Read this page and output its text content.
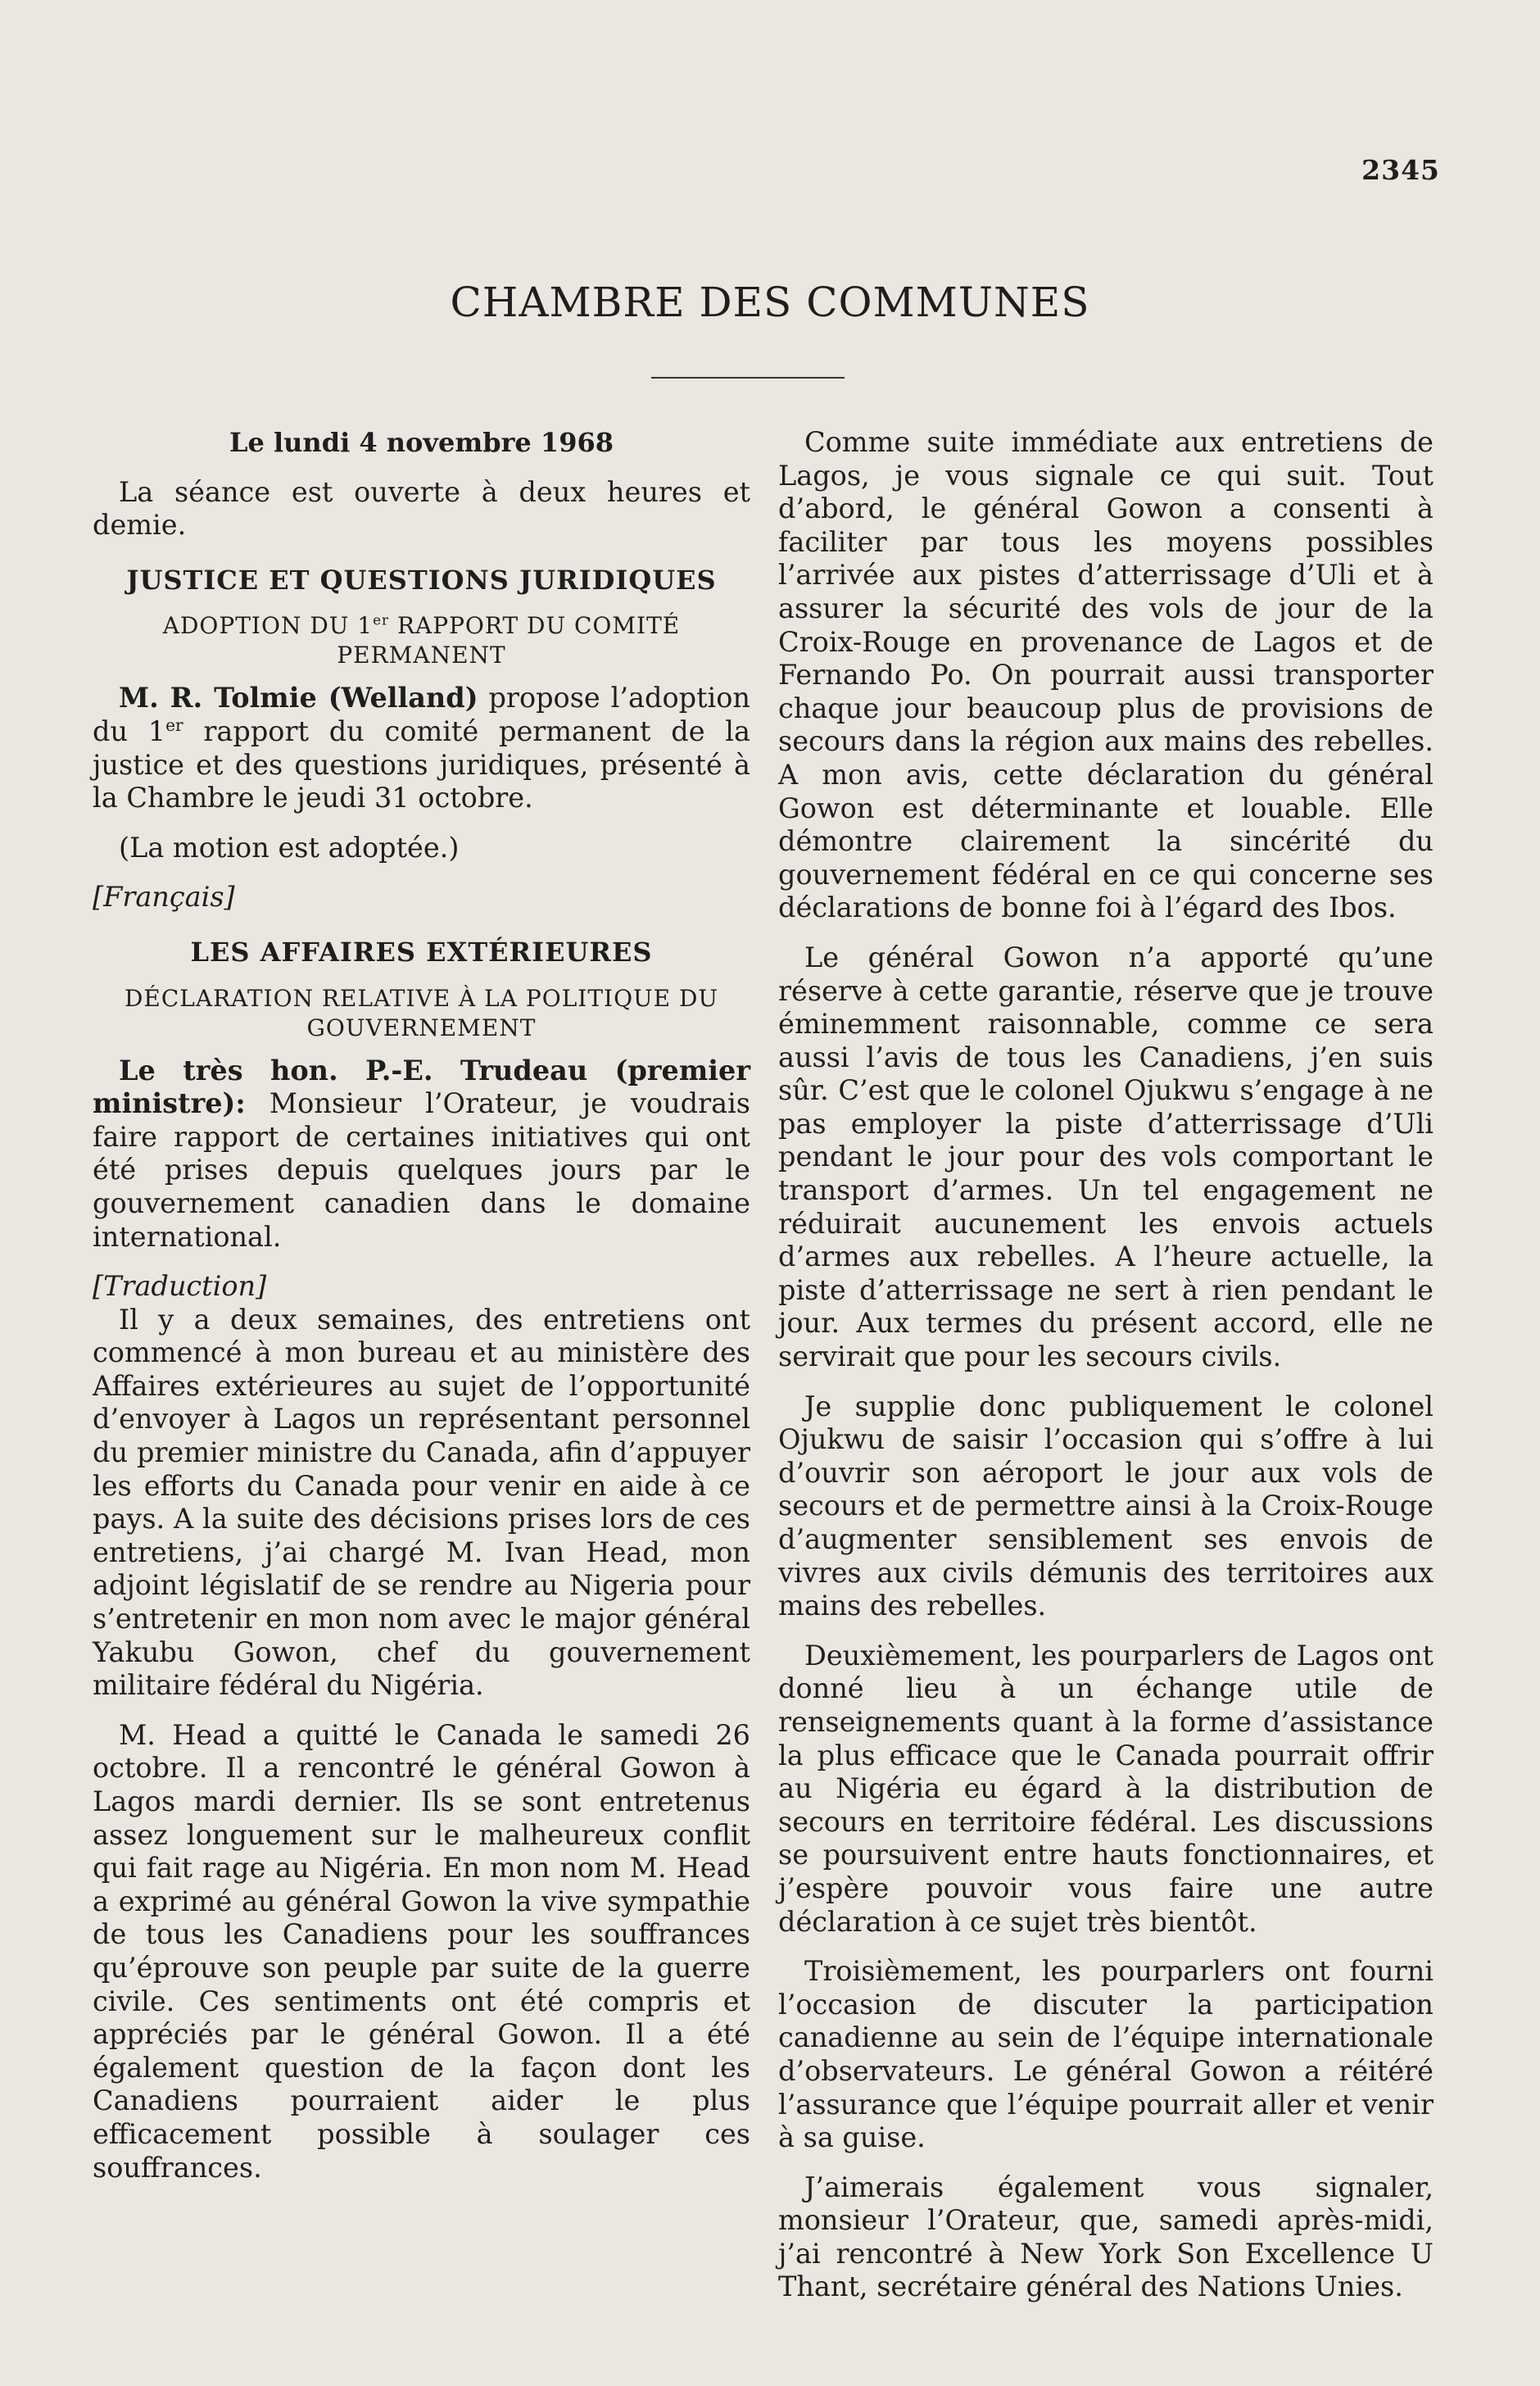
2345
CHAMBRE DES COMMUNES
Le lundi 4 novembre 1968

La séance est ouverte à deux heures et demie.

JUSTICE ET QUESTIONS JURIDIQUES
ADOPTION DU 1er RAPPORT DU COMITÉ PERMANENT

M. R. Tolmie (Welland) propose l’adoption du 1er rapport du comité permanent de la justice et des questions juridiques, présenté à la Chambre le jeudi 31 octobre.

(La motion est adoptée.)

[Français]

LES AFFAIRES EXTÉRIEURES
DÉCLARATION RELATIVE À LA POLITIQUE DU GOUVERNEMENT

Le très hon. P.-E. Trudeau (premier ministre): Monsieur l’Orateur, je voudrais faire rapport de certaines initiatives qui ont été prises depuis quelques jours par le gouvernement canadien dans le domaine international.

[Traduction]

Il y a deux semaines, des entretiens ont commencé à mon bureau et au ministère des Affaires extérieures au sujet de l’opportunité d’envoyer à Lagos un représentant personnel du premier ministre du Canada, afin d’appuyer les efforts du Canada pour venir en aide à ce pays. A la suite des décisions prises lors de ces entretiens, j’ai chargé M. Ivan Head, mon adjoint législatif de se rendre au Nigeria pour s’entretenir en mon nom avec le major général Yakubu Gowon, chef du gouvernement militaire fédéral du Nigéria.

M. Head a quitté le Canada le samedi 26 octobre. Il a rencontré le général Gowon à Lagos mardi dernier. Ils se sont entretenus assez longuement sur le malheureux conflit qui fait rage au Nigéria. En mon nom M. Head a exprimé au général Gowon la vive sympathie de tous les Canadiens pour les souffrances qu’éprouve son peuple par suite de la guerre civile. Ces sentiments ont été compris et appréciés par le général Gowon. Il a été également question de la façon dont les Canadiens pourraient aider le plus efficacement possible à soulager ces souffrances.

Comme suite immédiate aux entretiens de Lagos, je vous signale ce qui suit. Tout d’abord, le général Gowon a consenti à faciliter par tous les moyens possibles l’arrivée aux pistes d’atterrissage d’Uli et à assurer la sécurité des vols de jour de la Croix-Rouge en provenance de Lagos et de Fernando Po. On pourrait aussi transporter chaque jour beaucoup plus de provisions de secours dans la région aux mains des rebelles. A mon avis, cette déclaration du général Gowon est déterminante et louable. Elle démontre clairement la sincérité du gouvernement fédéral en ce qui concerne ses déclarations de bonne foi à l’égard des Ibos.

Le général Gowon n’a apporté qu’une réserve à cette garantie, réserve que je trouve éminemment raisonnable, comme ce sera aussi l’avis de tous les Canadiens, j’en suis sûr. C’est que le colonel Ojukwu s’engage à ne pas employer la piste d’atterrissage d’Uli pendant le jour pour des vols comportant le transport d’armes. Un tel engagement ne réduirait aucunement les envois actuels d’armes aux rebelles. A l’heure actuelle, la piste d’atterrissage ne sert à rien pendant le jour. Aux termes du présent accord, elle ne servirait que pour les secours civils.

Je supplie donc publiquement le colonel Ojukwu de saisir l’occasion qui s’offre à lui d’ouvrir son aéroport le jour aux vols de secours et de permettre ainsi à la Croix-Rouge d’augmenter sensiblement ses envois de vivres aux civils démunis des territoires aux mains des rebelles.

Deuxièmement, les pourparlers de Lagos ont donné lieu à un échange utile de renseignements quant à la forme d’assistance la plus efficace que le Canada pourrait offrir au Nigéria eu égard à la distribution de secours en territoire fédéral. Les discussions se poursuivent entre hauts fonctionnaires, et j’espère pouvoir vous faire une autre déclaration à ce sujet très bientôt.

Troisièmement, les pourparlers ont fourni l’occasion de discuter la participation canadienne au sein de l’équipe internationale d’observateurs. Le général Gowon a réitéré l’assurance que l’équipe pourrait aller et venir à sa guise.

J’aimerais également vous signaler, monsieur l’Orateur, que, samedi après-midi, j’ai rencontré à New York Son Excellence U Thant, secrétaire général des Nations Unies.
